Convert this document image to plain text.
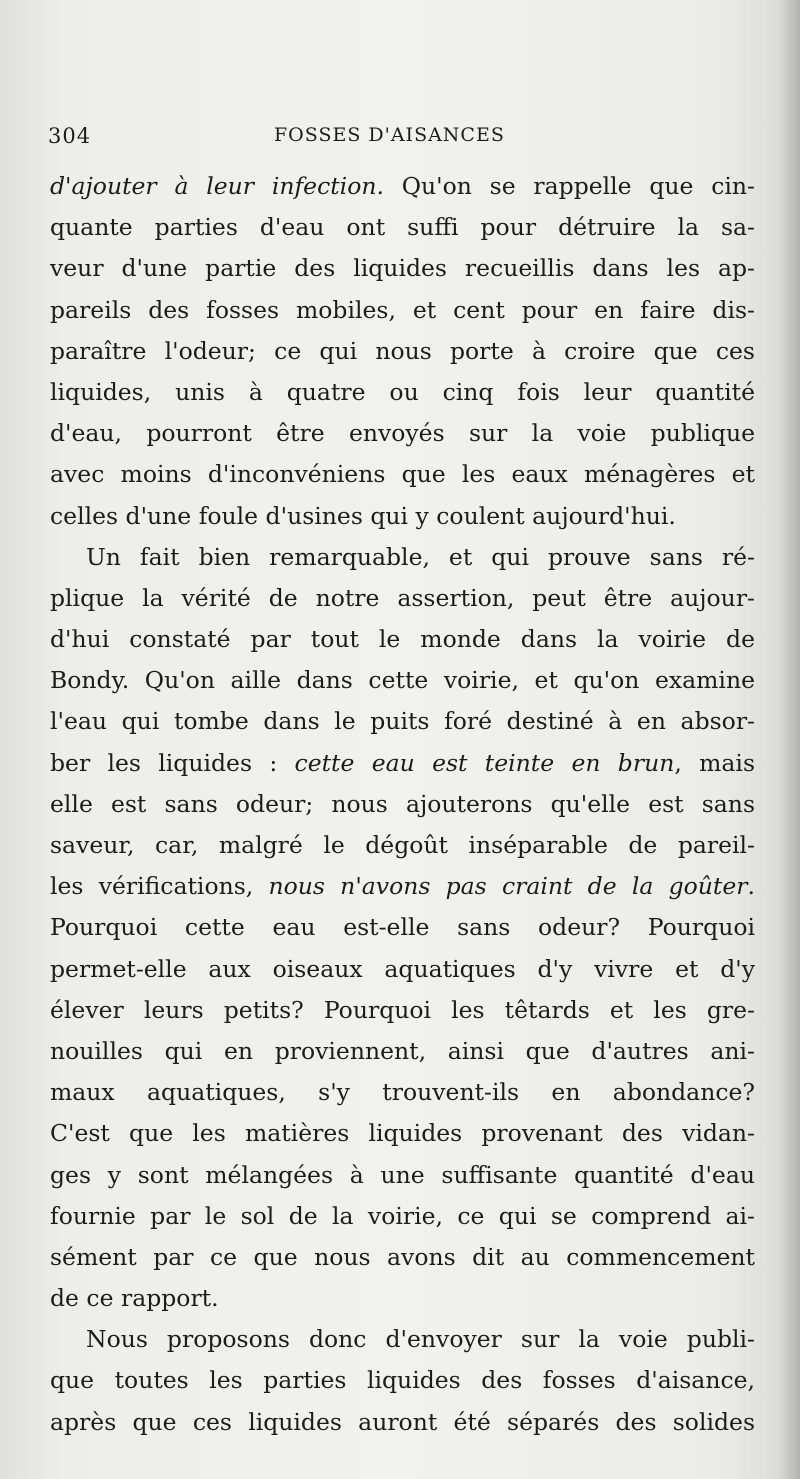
304	FOSSES D'AISANCES
d'ajouter à leur infection. Qu'on se rappelle que cin-
quante parties d'eau ont suffi pour détruire la sa-
veur d'une partie des liquides recueillis dans les ap-
pareils des fosses mobiles, et cent pour en faire dis-
paraître l'odeur; ce qui nous porte à croire que ces
liquides, unis à quatre ou cinq fois leur quantité
d'eau, pourront être envoyés sur la voie publique
avec moins d'inconvéniens que les eaux ménagères et
celles d'une foule d'usines qui y coulent aujourd'hui.
Un fait bien remarquable, et qui prouve sans ré-
plique la vérité de notre assertion, peut être aujour-
d'hui constaté par tout le monde dans la voirie de
Bondy. Qu'on aille dans cette voirie, et qu'on examine
l'eau qui tombe dans le puits foré destiné à en absor-
ber les liquides : cette eau est teinte en brun, mais
elle est sans odeur; nous ajouterons qu'elle est sans
saveur, car, malgré le dégoût inséparable de pareil-
les vérifications, nous n'avons pas craint de la goûter.
Pourquoi cette eau est-elle sans odeur? Pourquoi
permet-elle aux oiseaux aquatiques d'y vivre et d'y
élever leurs petits? Pourquoi les têtards et les gre-
nouilles qui en proviennent, ainsi que d'autres ani-
maux aquatiques, s'y trouvent-ils en abondance?
C'est que les matières liquides provenant des vidan-
ges y sont mélangées à une suffisante quantité d'eau
fournie par le sol de la voirie, ce qui se comprend ai-
sément par ce que nous avons dit au commencement
de ce rapport.
Nous proposons donc d'envoyer sur la voie publi-
que toutes les parties liquides des fosses d'aisance,
après que ces liquides auront été séparés des solides
